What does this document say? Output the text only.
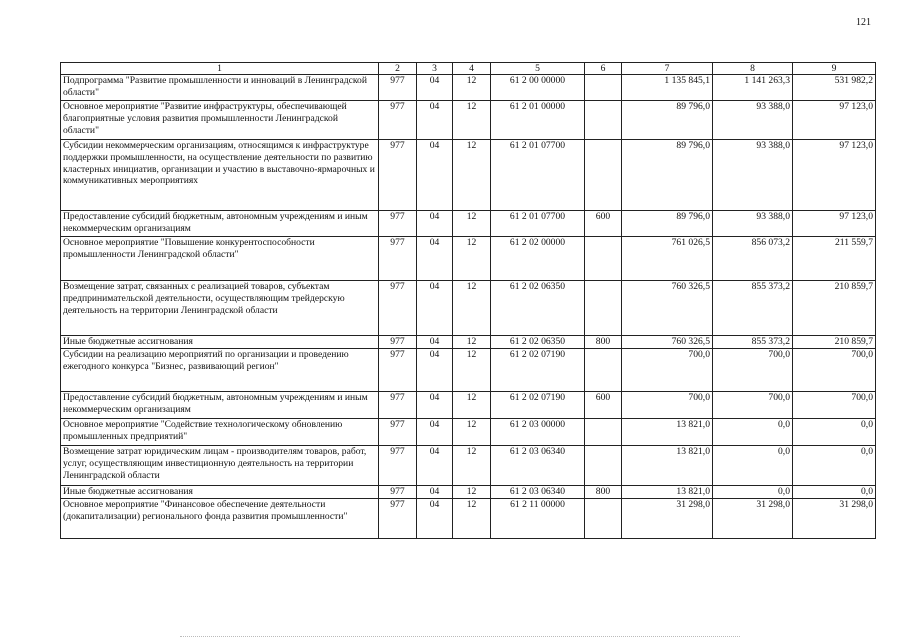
121
1	2	3	4	5	6	7	8	9
Подпрограмма "Развитие промышленности и инноваций в Ленинградской области"	977	04	12	61 2 00 00000		1 135 845,1	1 141 263,3	531 982,2
Основное мероприятие "Развитие инфраструктуры, обеспечивающей благоприятные условия развития промышленности Ленинградской области"	977	04	12	61 2 01 00000		89 796,0	93 388,0	97 123,0
Субсидии некоммерческим организациям, относящимся к инфраструктуре поддержки промышленности, на осуществление деятельности по развитию кластерных инициатив, организации и участию в выставочно-ярмарочных и коммуникативных мероприятиях	977	04	12	61 2 01 07700		89 796,0	93 388,0	97 123,0
Предоставление субсидий бюджетным, автономным учреждениям и иным некоммерческим организациям	977	04	12	61 2 01 07700	600	89 796,0	93 388,0	97 123,0
Основное мероприятие "Повышение конкурентоспособности промышленности Ленинградской области"	977	04	12	61 2 02 00000		761 026,5	856 073,2	211 559,7
Возмещение затрат, связанных с реализацией товаров, субъектам предпринимательской деятельности, осуществляющим трейдерскую деятельность на территории Ленинградской области	977	04	12	61 2 02 06350		760 326,5	855 373,2	210 859,7
Иные бюджетные ассигнования	977	04	12	61 2 02 06350	800	760 326,5	855 373,2	210 859,7
Субсидии на реализацию мероприятий по организации и проведению ежегодного конкурса "Бизнес, развивающий регион"	977	04	12	61 2 02 07190		700,0	700,0	700,0
Предоставление субсидий бюджетным, автономным учреждениям и иным некоммерческим организациям	977	04	12	61 2 02 07190	600	700,0	700,0	700,0
Основное мероприятие "Содействие технологическому обновлению промышленных предприятий"	977	04	12	61 2 03 00000		13 821,0	0,0	0,0
Возмещение затрат юридическим лицам - производителям товаров, работ, услуг, осуществляющим инвестиционную деятельность на территории Ленинградской области	977	04	12	61 2 03 06340		13 821,0	0,0	0,0
Иные бюджетные ассигнования	977	04	12	61 2 03 06340	800	13 821,0	0,0	0,0
Основное мероприятие "Финансовое обеспечение деятельности (докапитализации) регионального фонда развития промышленности"	977	04	12	61 2 11 00000		31 298,0	31 298,0	31 298,0
